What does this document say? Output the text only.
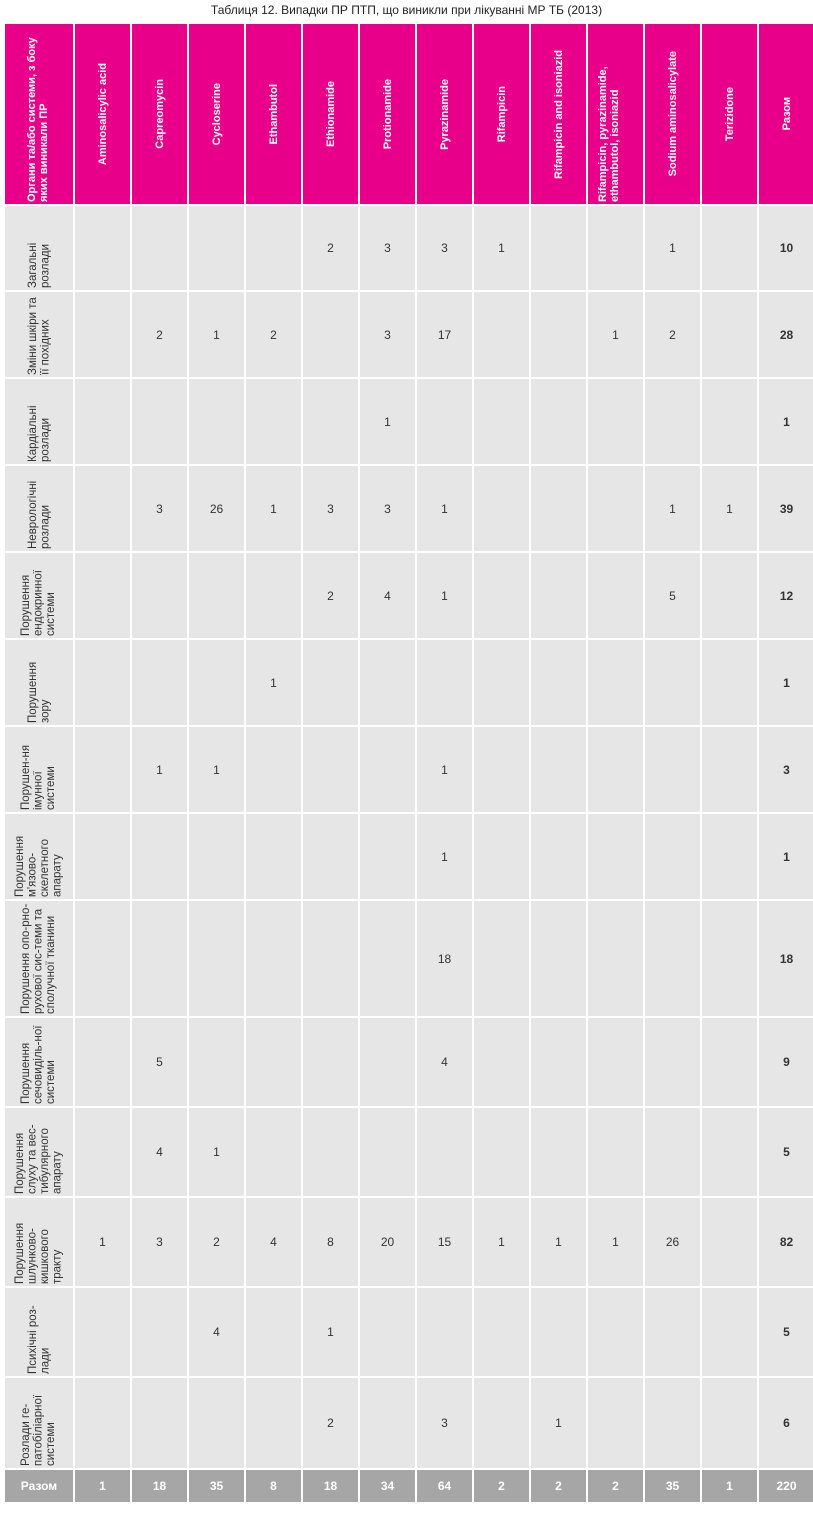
Таблиця 12. Випадки ПР ПТП, що виникли при лікуванні МР ТБ (2013)
Органи та/або системи, з боку яких виникали ПР	Aminosalicylic acid	Capreomycin	Cycloserine	Ethambutol	Ethionamide	Protionamide	Pyrazinamide	Rifampicin	Rifampicin and isoniazid	Rifampicin, pyrazinamide, ethambutol, isoniazid	Sodium aminosalicylate	Terizidone	Разом

Загальні розлади					2	3	3	1			1		10

Зміни шкіри та її похідних		2	1	2		3	17			1	2		28

Кардіальні розлади						1							1

Неврологічні розлади		3	26	1	3	3	1				1	1	39

Порушення ендокринної системи					2	4	1				5		12

Порушення зору				1									1

Порушен-ня імунної системи		1	1				1						3

Порушення м'язово-скелетного апарату							1						1

Порушення опо-рно-рухової сис-теми та сполучної тканини							18						18

Порушення сечовиділь-ної системи		5					4						9

Порушення слуху та вес-тибулярного апарату		4	1										5

Порушення шлунково-кишкового тракту	1	3	2	4	8	20	15	1	1	1	26		82

Психічні роз-лади			4		1								5

Розлади ге-патобіліарної системи					2		3		1				6
Разом	1	18	35	8	18	34	64	2	2	2	35	1	220
